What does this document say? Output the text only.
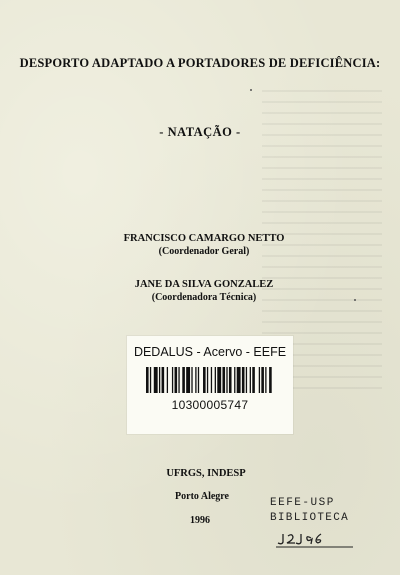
DESPORTO ADAPTADO A PORTADORES DE DEFICIÊNCIA:
- NATAÇÃO -
FRANCISCO CAMARGO NETTO
(Coordenador Geral)
JANE DA SILVA GONZALEZ
(Coordenadora Técnica)
DEDALUS - Acervo - EEFE
10300005747
UFRGS, INDESP
Porto Alegre
1996
EEFE-USP
BIBLIOTECA
